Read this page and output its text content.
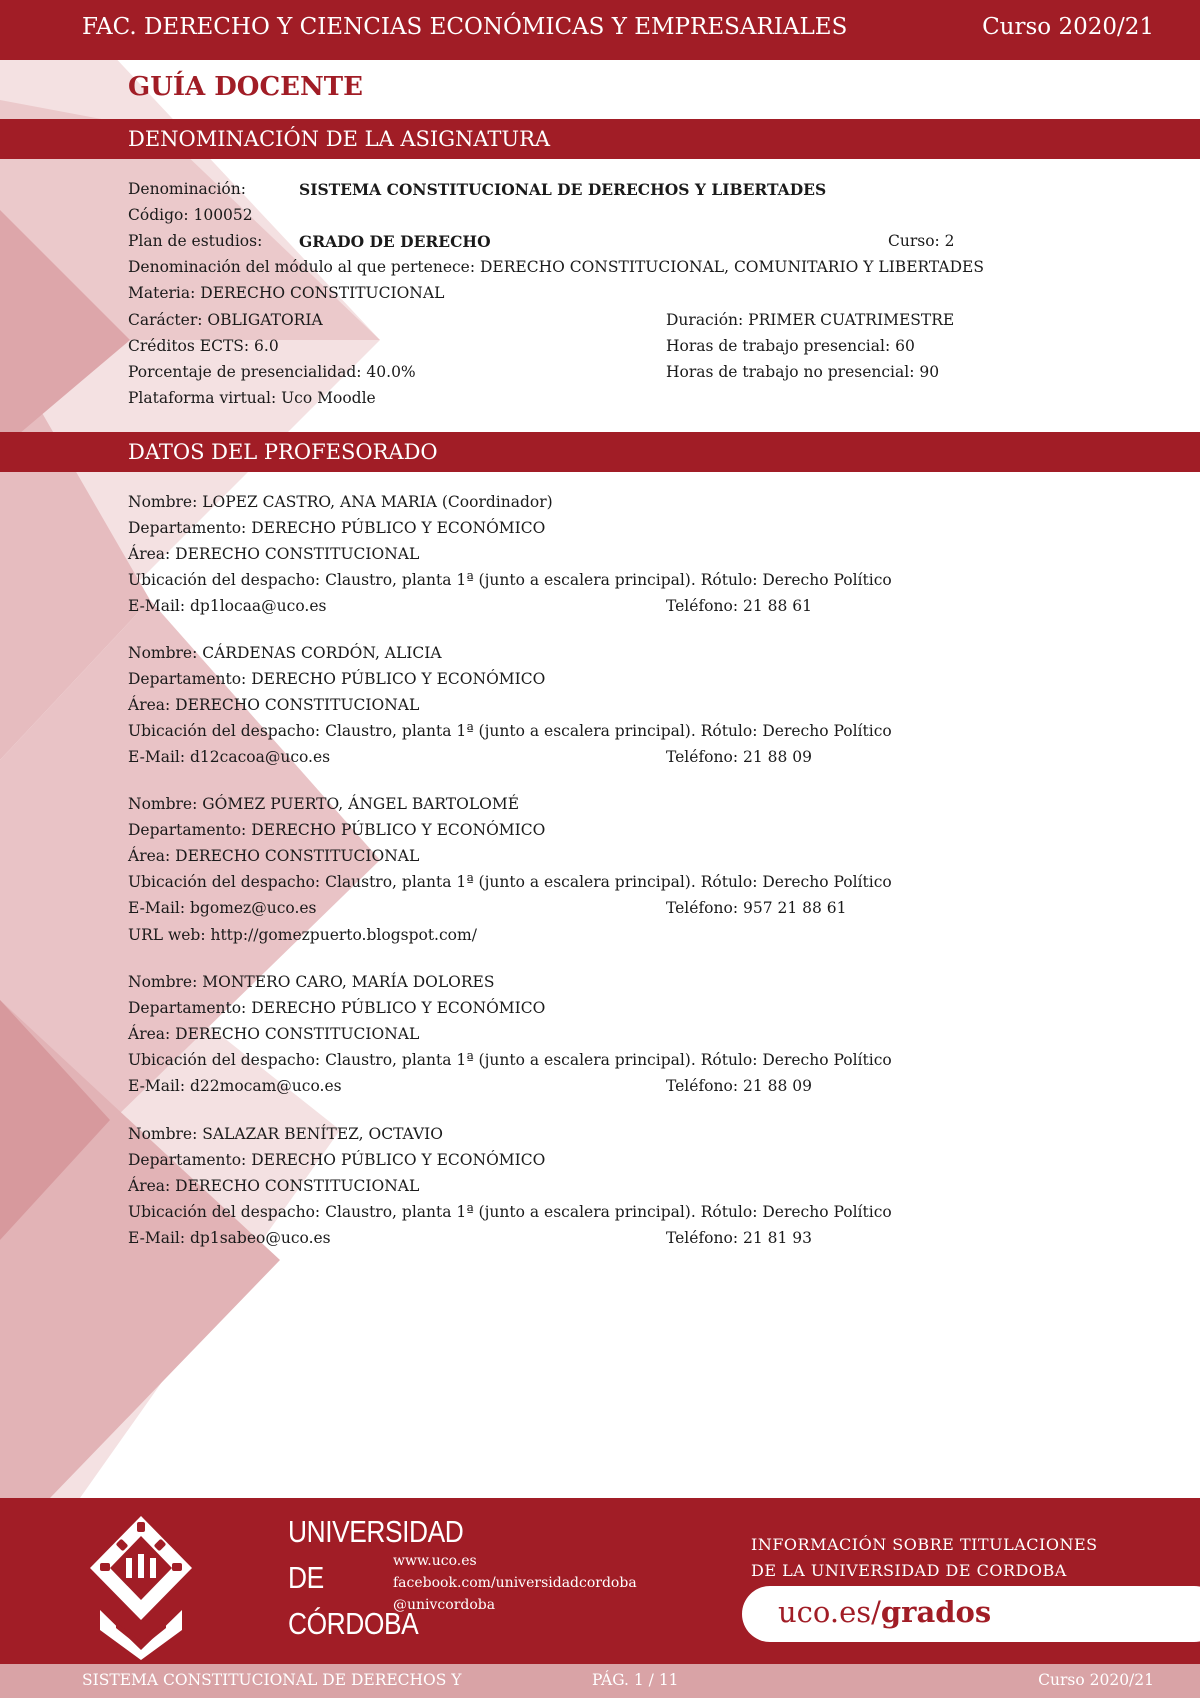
FAC. DERECHO Y CIENCIAS ECONÓMICAS Y EMPRESARIALES	Curso 2020/21
GUÍA DOCENTE
DENOMINACIÓN DE LA ASIGNATURA
Denominación:	SISTEMA CONSTITUCIONAL DE DERECHOS Y LIBERTADES
Código: 100052
Plan de estudios: GRADO DE DERECHO	Curso: 2
Denominación del módulo al que pertenece: DERECHO CONSTITUCIONAL, COMUNITARIO Y LIBERTADES
Materia: DERECHO CONSTITUCIONAL
Carácter: OBLIGATORIA	Duración: PRIMER CUATRIMESTRE
Créditos ECTS: 6.0	Horas de trabajo presencial: 60
Porcentaje de presencialidad: 40.0%	Horas de trabajo no presencial: 90
Plataforma virtual: Uco Moodle
DATOS DEL PROFESORADO
Nombre: LOPEZ CASTRO, ANA MARIA (Coordinador)
Departamento: DERECHO PÚBLICO Y ECONÓMICO
Área: DERECHO CONSTITUCIONAL
Ubicación del despacho: Claustro, planta 1ª (junto a escalera principal). Rótulo: Derecho Político
E-Mail: dp1locaa@uco.es	Teléfono: 21 88 61
Nombre: CÁRDENAS CORDÓN, ALICIA
Departamento: DERECHO PÚBLICO Y ECONÓMICO
Área: DERECHO CONSTITUCIONAL
Ubicación del despacho: Claustro, planta 1ª (junto a escalera principal). Rótulo: Derecho Político
E-Mail: d12cacoa@uco.es	Teléfono: 21 88 09
Nombre: GÓMEZ PUERTO, ÁNGEL BARTOLOMÉ
Departamento: DERECHO PÚBLICO Y ECONÓMICO
Área: DERECHO CONSTITUCIONAL
Ubicación del despacho: Claustro, planta 1ª (junto a escalera principal). Rótulo: Derecho Político
E-Mail: bgomez@uco.es	Teléfono: 957 21 88 61
URL web: http://gomezpuerto.blogspot.com/
Nombre: MONTERO CARO, MARÍA DOLORES
Departamento: DERECHO PÚBLICO Y ECONÓMICO
Área: DERECHO CONSTITUCIONAL
Ubicación del despacho: Claustro, planta 1ª (junto a escalera principal). Rótulo: Derecho Político
E-Mail: d22mocam@uco.es	Teléfono: 21 88 09
Nombre: SALAZAR BENÍTEZ, OCTAVIO
Departamento: DERECHO PÚBLICO Y ECONÓMICO
Área: DERECHO CONSTITUCIONAL
Ubicación del despacho: Claustro, planta 1ª (junto a escalera principal). Rótulo: Derecho Político
E-Mail: dp1sabeo@uco.es	Teléfono: 21 81 93
UNIVERSIDAD
DE
CÓRDOBA
www.uco.es
facebook.com/universidadcordoba
@univcordoba
INFORMACIÓN SOBRE TITULACIONES
DE LA UNIVERSIDAD DE CORDOBA
uco.es/grados
SISTEMA CONSTITUCIONAL DE DERECHOS Y	PÁG. 1 / 11	Curso 2020/21
